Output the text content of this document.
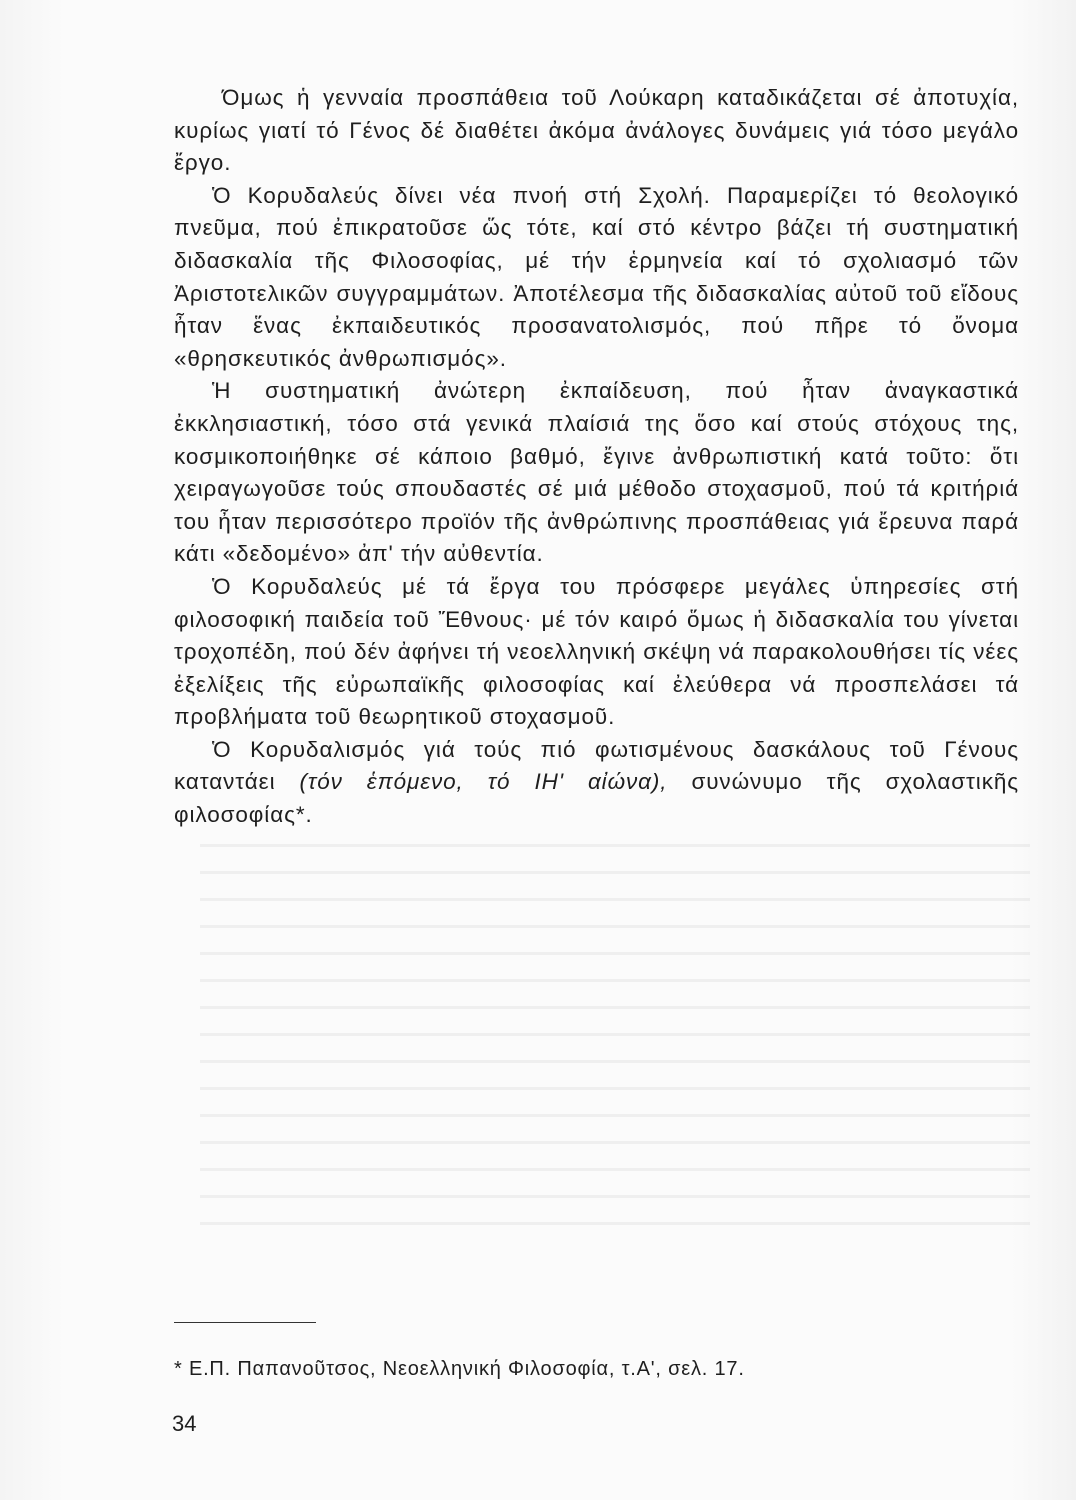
Όμως ἡ γενναία προσπάθεια τοῦ Λούκαρη καταδικάζεται σέ ἀποτυχία, κυρίως γιατί τό Γένος δέ διαθέτει ἀκόμα ἀνάλογες δυνάμεις γιά τόσο μεγάλο ἔργο.

Ὁ Κορυδαλεύς δίνει νέα πνοή στή Σχολή. Παραμερίζει τό θεολογικό πνεῦμα, πού ἐπικρατοῦσε ὥς τότε, καί στό κέντρο βάζει τή συστηματική διδασκαλία τῆς Φιλοσοφίας, μέ τήν ἑρμηνεία καί τό σχολιασμό τῶν Ἀριστοτελικῶν συγγραμμάτων. Ἀποτέλεσμα τῆς διδασκαλίας αὐτοῦ τοῦ εἴδους ἦταν ἕνας ἐκπαιδευτικός προσανατολισμός, πού πῆρε τό ὄνομα «θρησκευτικός ἀνθρωπισμός».

Ἡ συστηματική ἀνώτερη ἐκπαίδευση, πού ἦταν ἀναγκαστικά ἐκκλησιαστική, τόσο στά γενικά πλαίσιά της ὅσο καί στούς στόχους της, κοσμικοποιήθηκε σέ κάποιο βαθμό, ἔγινε ἀνθρωπιστική κατά τοῦτο: ὅτι χειραγωγοῦσε τούς σπουδαστές σέ μιά μέθοδο στοχασμοῦ, πού τά κριτήριά του ἦταν περισσότερο προϊόν τῆς ἀνθρώπινης προσπάθειας γιά ἔρευνα παρά κάτι «δεδομένο» ἀπ' τήν αὐθεντία.

Ὁ Κορυδαλεύς μέ τά ἔργα του πρόσφερε μεγάλες ὑπηρεσίες στή φιλοσοφική παιδεία τοῦ Ἔθνους· μέ τόν καιρό ὅμως ἡ διδασκαλία του γίνεται τροχοπέδη, πού δέν ἀφήνει τή νεοελληνική σκέψη νά παρακολουθήσει τίς νέες ἐξελίξεις τῆς εὐρωπαϊκῆς φιλοσοφίας καί ἐλεύθερα νά προσπελάσει τά προβλήματα τοῦ θεωρητικοῦ στοχασμοῦ.

Ὁ Κορυδαλισμός γιά τούς πιό φωτισμένους δασκάλους τοῦ Γένους καταντάει (τόν ἑπόμενο, τό ΙΗ' αἰώνα), συνώνυμο τῆς σχολαστικῆς φιλοσοφίας*.

* Ε.Π. Παπανοῦτσος, Νεοελληνική Φιλοσοφία, τ.Α', σελ. 17.
34
